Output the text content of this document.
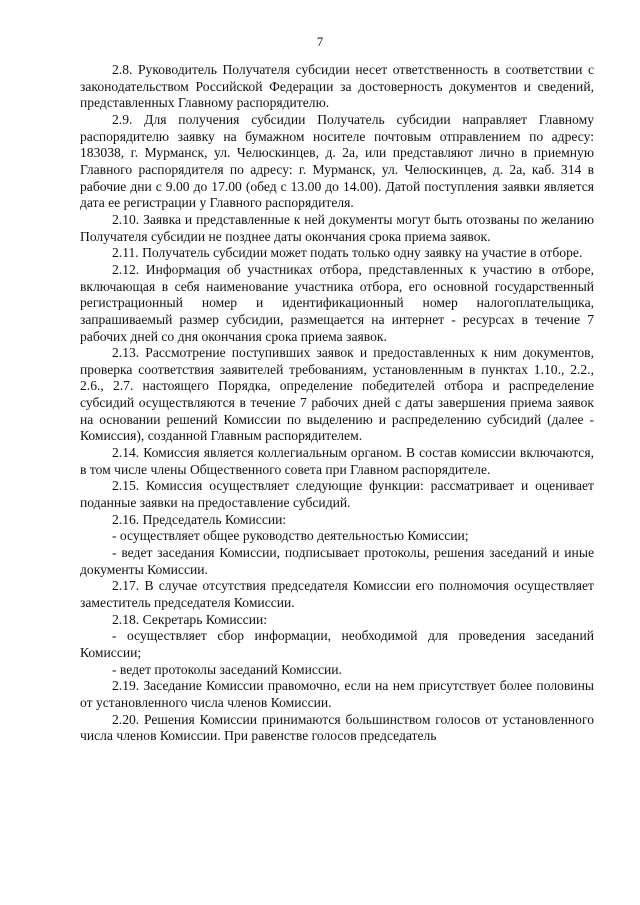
7

2.8. Руководитель Получателя субсидии несет ответственность в соответствии с законодательством Российской Федерации за достоверность документов и сведений, представленных Главному распорядителю.

2.9. Для получения субсидии Получатель субсидии направляет Главному распорядителю заявку на бумажном носителе почтовым отправлением по адресу: 183038, г. Мурманск, ул. Челюскинцев, д. 2а, или представляют лично в приемную Главного распорядителя по адресу: г. Мурманск, ул. Челюскинцев, д. 2а, каб. 314 в рабочие дни с 9.00 до 17.00 (обед с 13.00 до 14.00). Датой поступления заявки является дата ее регистрации у Главного распорядителя.

2.10. Заявка и представленные к ней документы могут быть отозваны по желанию Получателя субсидии не позднее даты окончания срока приема заявок.

2.11. Получатель субсидии может подать только одну заявку на участие в отборе.

2.12. Информация об участниках отбора, представленных к участию в отборе, включающая в себя наименование участника отбора, его основной государственный регистрационный номер и идентификационный номер налогоплательщика, запрашиваемый размер субсидии, размещается на интернет - ресурсах в течение 7 рабочих дней со дня окончания срока приема заявок.

2.13. Рассмотрение поступивших заявок и предоставленных к ним документов, проверка соответствия заявителей требованиям, установленным в пунктах 1.10., 2.2., 2.6., 2.7. настоящего Порядка, определение победителей отбора и распределение субсидий осуществляются в течение 7 рабочих дней с даты завершения приема заявок на основании решений Комиссии по выделению и распределению субсидий (далее - Комиссия), созданной Главным распорядителем.

2.14. Комиссия является коллегиальным органом. В состав комиссии включаются, в том числе члены Общественного совета при Главном распорядителе.

2.15. Комиссия осуществляет следующие функции: рассматривает и оценивает поданные заявки на предоставление субсидий.

2.16. Председатель Комиссии:

- осуществляет общее руководство деятельностью Комиссии;

- ведет заседания Комиссии, подписывает протоколы, решения заседаний и иные документы Комиссии.

2.17. В случае отсутствия председателя Комиссии его полномочия осуществляет заместитель председателя Комиссии.

2.18. Секретарь Комиссии:

- осуществляет сбор информации, необходимой для проведения заседаний Комиссии;

- ведет протоколы заседаний Комиссии.

2.19. Заседание Комиссии правомочно, если на нем присутствует более половины от установленного числа членов Комиссии.

2.20. Решения Комиссии принимаются большинством голосов от установленного числа членов Комиссии. При равенстве голосов председатель
